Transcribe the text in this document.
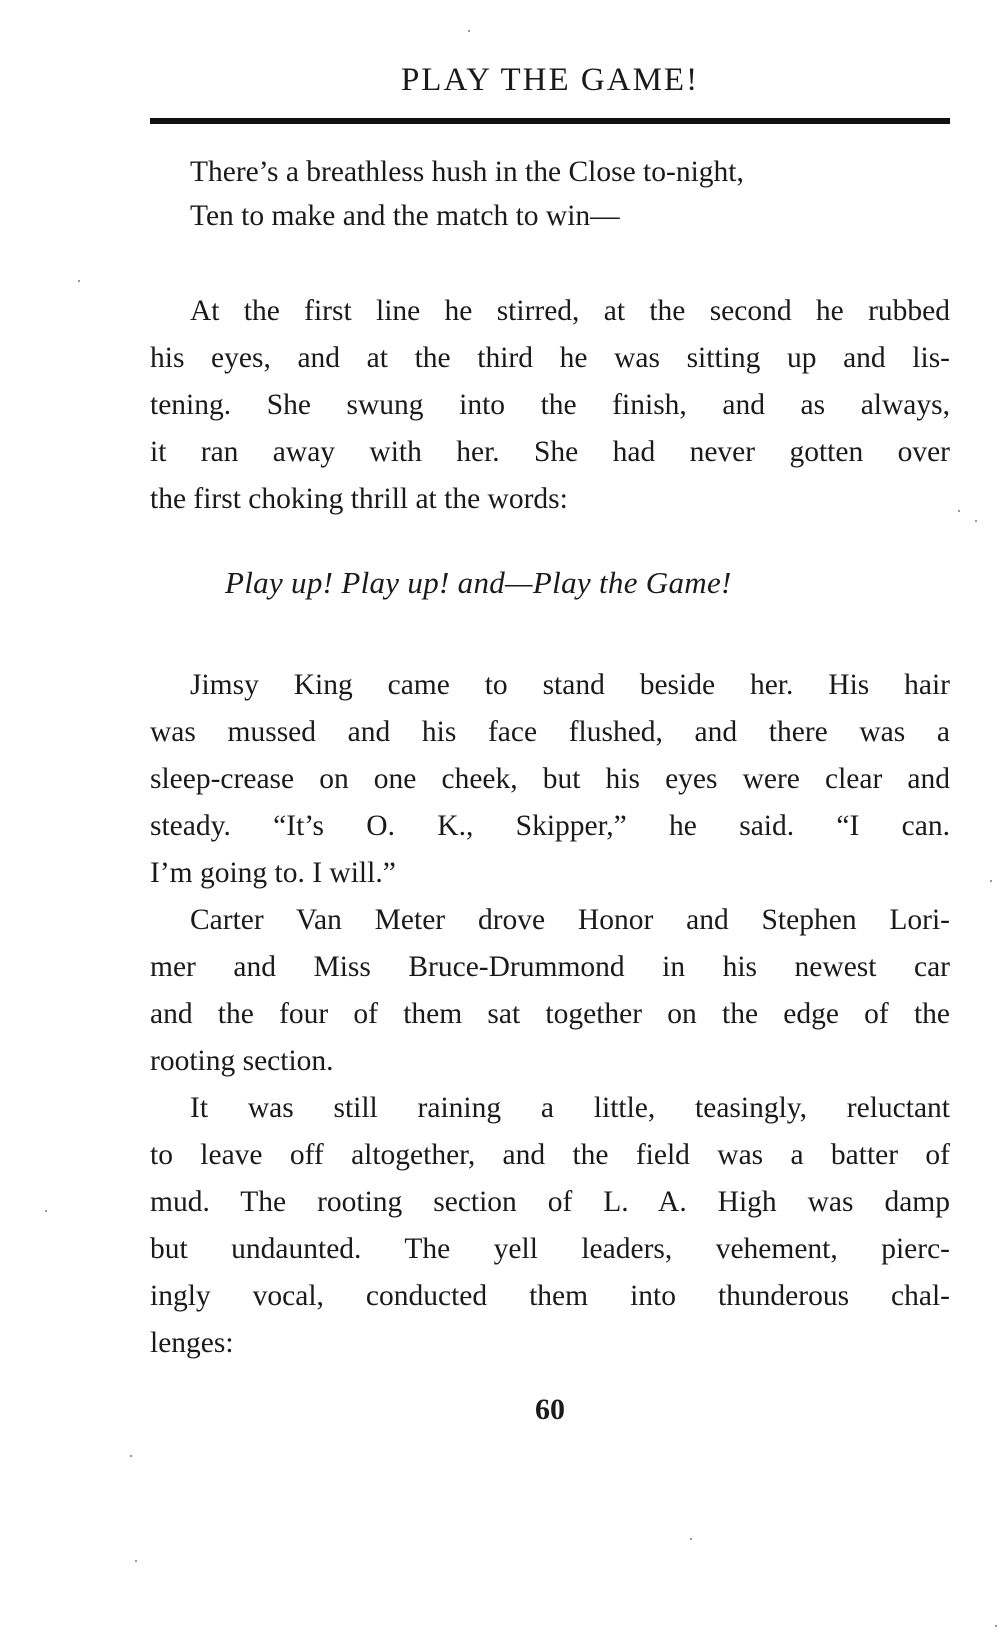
PLAY THE GAME!
There’s a breathless hush in the Close to-night,
Ten to make and the match to win—
At the first line he stirred, at the second he rubbed
his eyes, and at the third he was sitting up and lis-
tening. She swung into the finish, and as always,
it ran away with her. She had never gotten over
the first choking thrill at the words:
Play up! Play up! and—Play the Game!
Jimsy King came to stand beside her. His hair
was mussed and his face flushed, and there was a
sleep-crease on one cheek, but his eyes were clear and
steady. “It’s O. K., Skipper,” he said. “I can.
I’m going to. I will.”
Carter Van Meter drove Honor and Stephen Lori-
mer and Miss Bruce-Drummond in his newest car
and the four of them sat together on the edge of the
rooting section.
It was still raining a little, teasingly, reluctant
to leave off altogether, and the field was a batter of
mud. The rooting section of L. A. High was damp
but undaunted. The yell leaders, vehement, pierc-
ingly vocal, conducted them into thunderous chal-
lenges:
60
